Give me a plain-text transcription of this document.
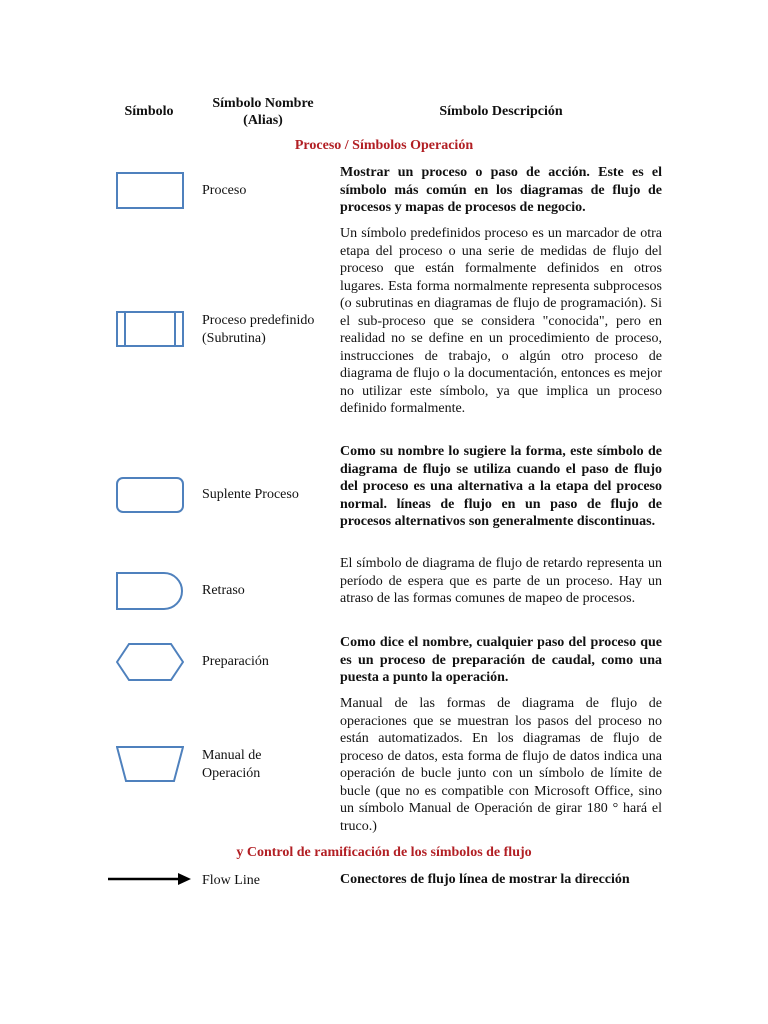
Símbolo
Símbolo Nombre
(Alias)
Símbolo Descripción
Proceso / Símbolos Operación
Proceso
Mostrar un proceso o paso de acción. Este es el símbolo más común en los diagramas de flujo de procesos y mapas de procesos de negocio.
Proceso predefinido
(Subrutina)
Un símbolo predefinidos proceso es un marcador de otra etapa del proceso o una serie de medidas de flujo del proceso que están formalmente definidos en otros lugares. Esta forma normalmente representa subprocesos (o subrutinas en diagramas de flujo de programación). Si el sub-proceso que se considera "conocida", pero en realidad no se define en un procedimiento de proceso, instrucciones de trabajo, o algún otro proceso de diagrama de flujo o la documentación, entonces es mejor no utilizar este símbolo, ya que implica un proceso definido formalmente.
Suplente Proceso
Como su nombre lo sugiere la forma, este símbolo de diagrama de flujo se utiliza cuando el paso de flujo del proceso es una alternativa a la etapa del proceso normal. líneas de flujo en un paso de flujo de procesos alternativos son generalmente discontinuas.
Retraso
El símbolo de diagrama de flujo de retardo representa un período de espera que es parte de un proceso. Hay un atraso de las formas comunes de mapeo de procesos.
Preparación
Como dice el nombre, cualquier paso del proceso que es un proceso de preparación de caudal, como una puesta a punto la operación.
Manual de
Operación
Manual de las formas de diagrama de flujo de operaciones que se muestran los pasos del proceso no están automatizados. En los diagramas de flujo de proceso de datos, esta forma de flujo de datos indica una operación de bucle junto con un símbolo de límite de bucle (que no es compatible con Microsoft Office, sino un símbolo Manual de Operación de girar 180 ° hará el truco.)
y Control de ramificación de los símbolos de flujo
Flow Line	Conectores de flujo línea de mostrar la dirección
